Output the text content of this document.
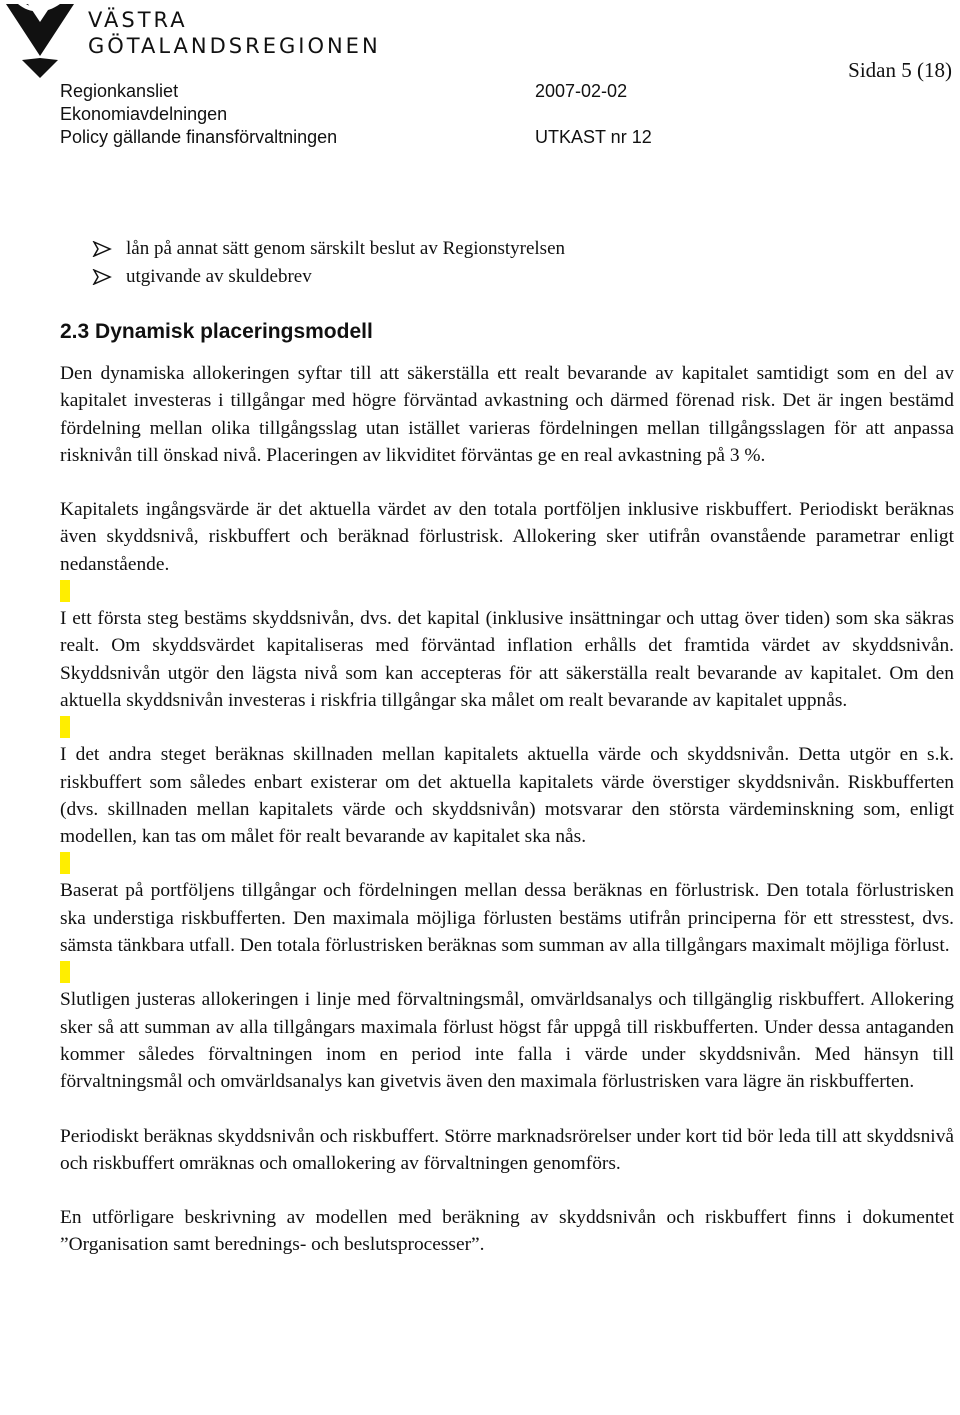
VÄSTRA
GÖTALANDSREGIONEN
Sidan 5 (18)
Regionkansliet
Ekonomiavdelningen
Policy gällande finansförvaltningen
2007-02-02
UTKAST nr 12
lån på annat sätt genom särskilt beslut av Regionstyrelsen
utgivande av skuldebrev
2.3 Dynamisk placeringsmodell

Den dynamiska allokeringen syftar till att säkerställa ett realt bevarande av kapitalet samtidigt som en del av kapitalet investeras i tillgångar med högre förväntad avkastning och därmed förenad risk. Det är ingen bestämd fördelning mellan olika tillgångsslag utan istället varieras fördelningen mellan tillgångsslagen för att anpassa risknivån till önskad nivå. Placeringen av likviditet förväntas ge en real avkastning på 3 %.

Kapitalets ingångsvärde är det aktuella värdet av den totala portföljen inklusive riskbuffert. Periodiskt beräknas även skyddsnivå, riskbuffert och beräknad förlustrisk. Allokering sker utifrån ovanstående parametrar enligt nedanstående.

I ett första steg bestäms skyddsnivån, dvs. det kapital (inklusive insättningar och uttag över tiden) som ska säkras realt. Om skyddsvärdet kapitaliseras med förväntad inflation erhålls det framtida värdet av skyddsnivån. Skyddsnivån utgör den lägsta nivå som kan accepteras för att säkerställa realt bevarande av kapitalet. Om den aktuella skyddsnivån investeras i riskfria tillgångar ska målet om realt bevarande av kapitalet uppnås.

I det andra steget beräknas skillnaden mellan kapitalets aktuella värde och skyddsnivån. Detta utgör en s.k. riskbuffert som således enbart existerar om det aktuella kapitalets värde överstiger skyddsnivån. Riskbufferten (dvs. skillnaden mellan kapitalets värde och skyddsnivån) motsvarar den största värdeminskning som, enligt modellen, kan tas om målet för realt bevarande av kapitalet ska nås.

Baserat på portföljens tillgångar och fördelningen mellan dessa beräknas en förlustrisk. Den totala förlustrisken ska understiga riskbufferten. Den maximala möjliga förlusten bestäms utifrån principerna för ett stresstest, dvs. sämsta tänkbara utfall. Den totala förlustrisken beräknas som summan av alla tillgångars maximalt möjliga förlust.

Slutligen justeras allokeringen i linje med förvaltningsmål, omvärldsanalys och tillgänglig riskbuffert. Allokering sker så att summan av alla tillgångars maximala förlust högst får uppgå till riskbufferten. Under dessa antaganden kommer således förvaltningen inom en period inte falla i värde under skyddsnivån. Med hänsyn till förvaltningsmål och omvärldsanalys kan givetvis även den maximala förlustrisken vara lägre än riskbufferten.

Periodiskt beräknas skyddsnivån och riskbuffert. Större marknadsrörelser under kort tid bör leda till att skyddsnivå och riskbuffert omräknas och omallokering av förvaltningen genomförs.

En utförligare beskrivning av modellen med beräkning av skyddsnivån och riskbuffert finns i dokumentet ”Organisation samt berednings- och beslutsprocesser”.
